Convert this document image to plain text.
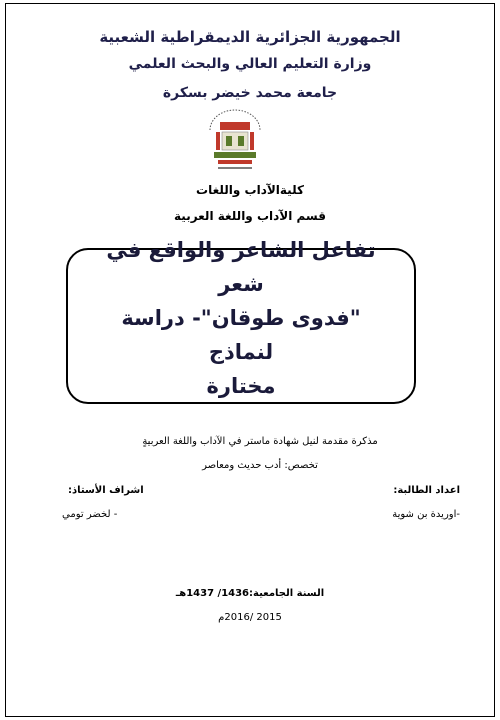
الجمهورية الجزائرية الديمقراطية الشعبية
وزارة التعليم العالي والبحث العلمي
جامعة محمد خيضر بسكرة
كليةالآداب واللغات
قسم الآداب واللغة العربية
تفاعل الشاعر والواقع في شعر
"فدوى طوقان"- دراسة لنماذج
مختارة
مذكرة مقدمة لنيل شهادة ماستر في الآداب واللغة العربيةٍ
تخصص: أدب حديث ومعاصر
اعداد الطالبة:
اشراف الأستاذ:
-اوريدة بن شوية
- لخضر تومي
السنة الجامعية:1436/ 1437هـ
2015 /2016م
